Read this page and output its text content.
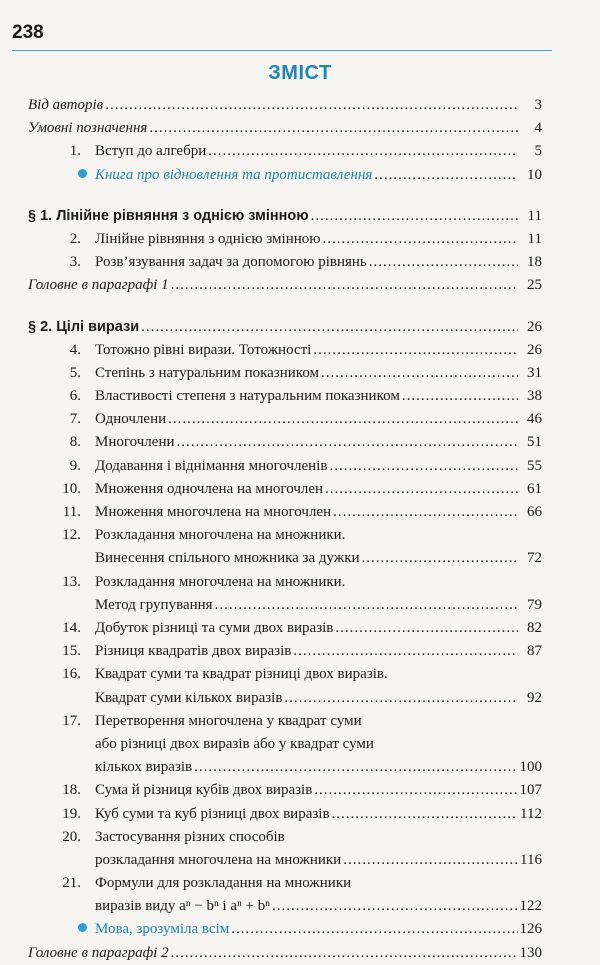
238
ЗМІСТ
Від авторів .....	3
Умовні позначення .....	4
1. Вступ до алгебри .....	5
Книга про відновлення та протиставлення .....	10
§ 1. Лінійне рівняння з однією змінною .....	11
2. Лінійне рівняння з однією змінною .....	11
3. Розв’язування задач за допомогою рівнянь .....	18
Головне в параграфі 1 .....	25
§ 2. Цілі вирази .....	26
4. Тотожно рівні вирази. Тотожності .....	26
5. Степінь з натуральним показником .....	31
6. Властивості степеня з натуральним показником .....	38
7. Одночлени .....	46
8. Многочлени .....	51
9. Додавання і віднімання многочленів .....	55
10. Множення одночлена на многочлен .....	61
11. Множення многочлена на многочлен .....	66
12. Розкладання многочлена на множники.
Винесення спільного множника за дужки .....	72
13. Розкладання многочлена на множники.
Метод групування .....	79
14. Добуток різниці та суми двох виразів .....	82
15. Різниця квадратів двох виразів .....	87
16. Квадрат суми та квадрат різниці двох виразів.
Квадрат суми кількох виразів .....	92
17. Перетворення многочлена у квадрат суми
або різниці двох виразів або у квадрат суми
кількох виразів .....	100
18. Сума й різниця кубів двох виразів .....	107
19. Куб суми та куб різниці двох виразів .....	112
20. Застосування різних способів
розкладання многочлена на множники .....	116
21. Формули для розкладання на множники
виразів виду aⁿ − bⁿ і aⁿ + bⁿ .....	122
Мова, зрозуміла всім .....	126
Головне в параграфі 2 .....	130
